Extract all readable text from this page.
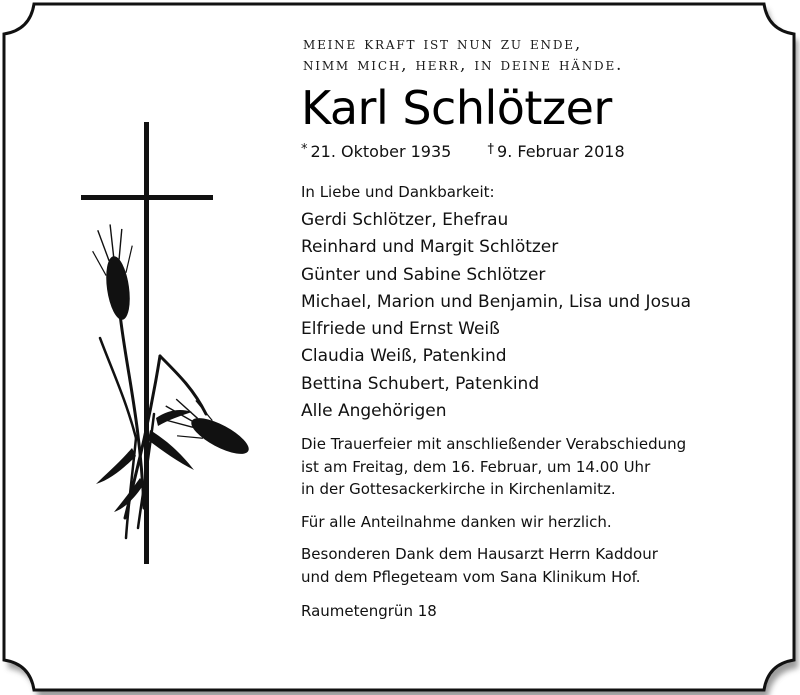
meine kraft ist nun zu ende,
nimm mich, herr, in deine hände.
Karl Schlötzer
* 21. Oktober 1935	† 9. Februar 2018
In Liebe und Dankbarkeit:
Gerdi Schlötzer, Ehefrau
Reinhard und Margit Schlötzer
Günter und Sabine Schlötzer
Michael, Marion und Benjamin, Lisa und Josua
Elfriede und Ernst Weiß
Claudia Weiß, Patenkind
Bettina Schubert, Patenkind
Alle Angehörigen
Die Trauerfeier mit anschließender Verabschiedung
ist am Freitag, dem 16. Februar, um 14.00 Uhr
in der Gottesackerkirche in Kirchenlamitz.
Für alle Anteilnahme danken wir herzlich.
Besonderen Dank dem Hausarzt Herrn Kaddour
und dem Pflegeteam vom Sana Klinikum Hof.
Raumetengrün 18
